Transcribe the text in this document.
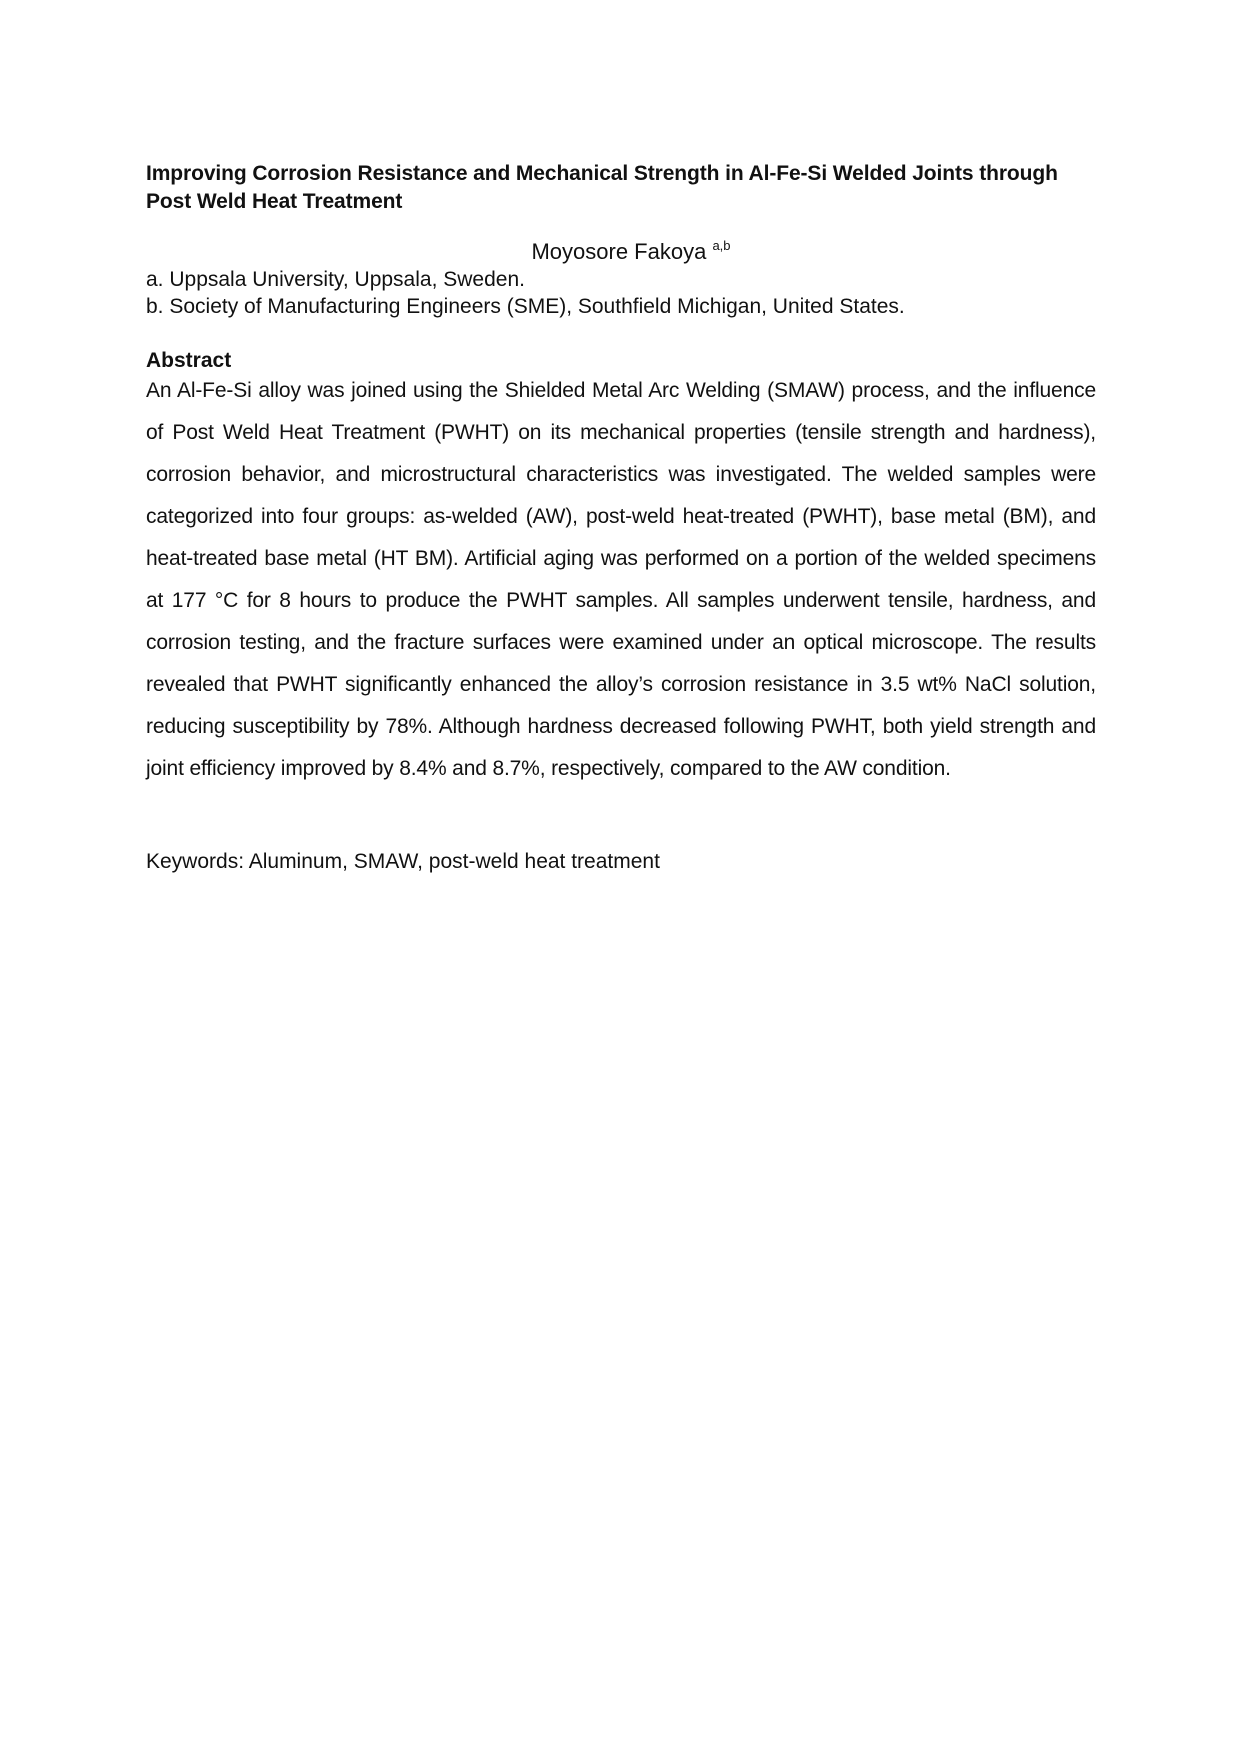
Improving Corrosion Resistance and Mechanical Strength in Al-Fe-Si Welded Joints through Post Weld Heat Treatment
Moyosore Fakoya $^{a,b}$

a. Uppsala University, Uppsala, Sweden.

b. Society of Manufacturing Engineers (SME), Southfield Michigan, United States.

Abstract

An Al-Fe-Si alloy was joined using the Shielded Metal Arc Welding (SMAW) process, and the influence of Post Weld Heat Treatment (PWHT) on its mechanical properties (tensile strength and hardness), corrosion behavior, and microstructural characteristics was investigated. The welded samples were categorized into four groups: as-welded (AW), post-weld heat-treated (PWHT), base metal (BM), and heat-treated base metal (HT BM). Artificial aging was performed on a portion of the welded specimens at 177 °C for 8 hours to produce the PWHT samples. All samples underwent tensile, hardness, and corrosion testing, and the fracture surfaces were examined under an optical microscope. The results revealed that PWHT significantly enhanced the alloy’s corrosion resistance in 3.5 wt% NaCl solution, reducing susceptibility by 78%. Although hardness decreased following PWHT, both yield strength and joint efficiency improved by 8.4% and 8.7%, respectively, compared to the AW condition.

Keywords: Aluminum, SMAW, post-weld heat treatment
